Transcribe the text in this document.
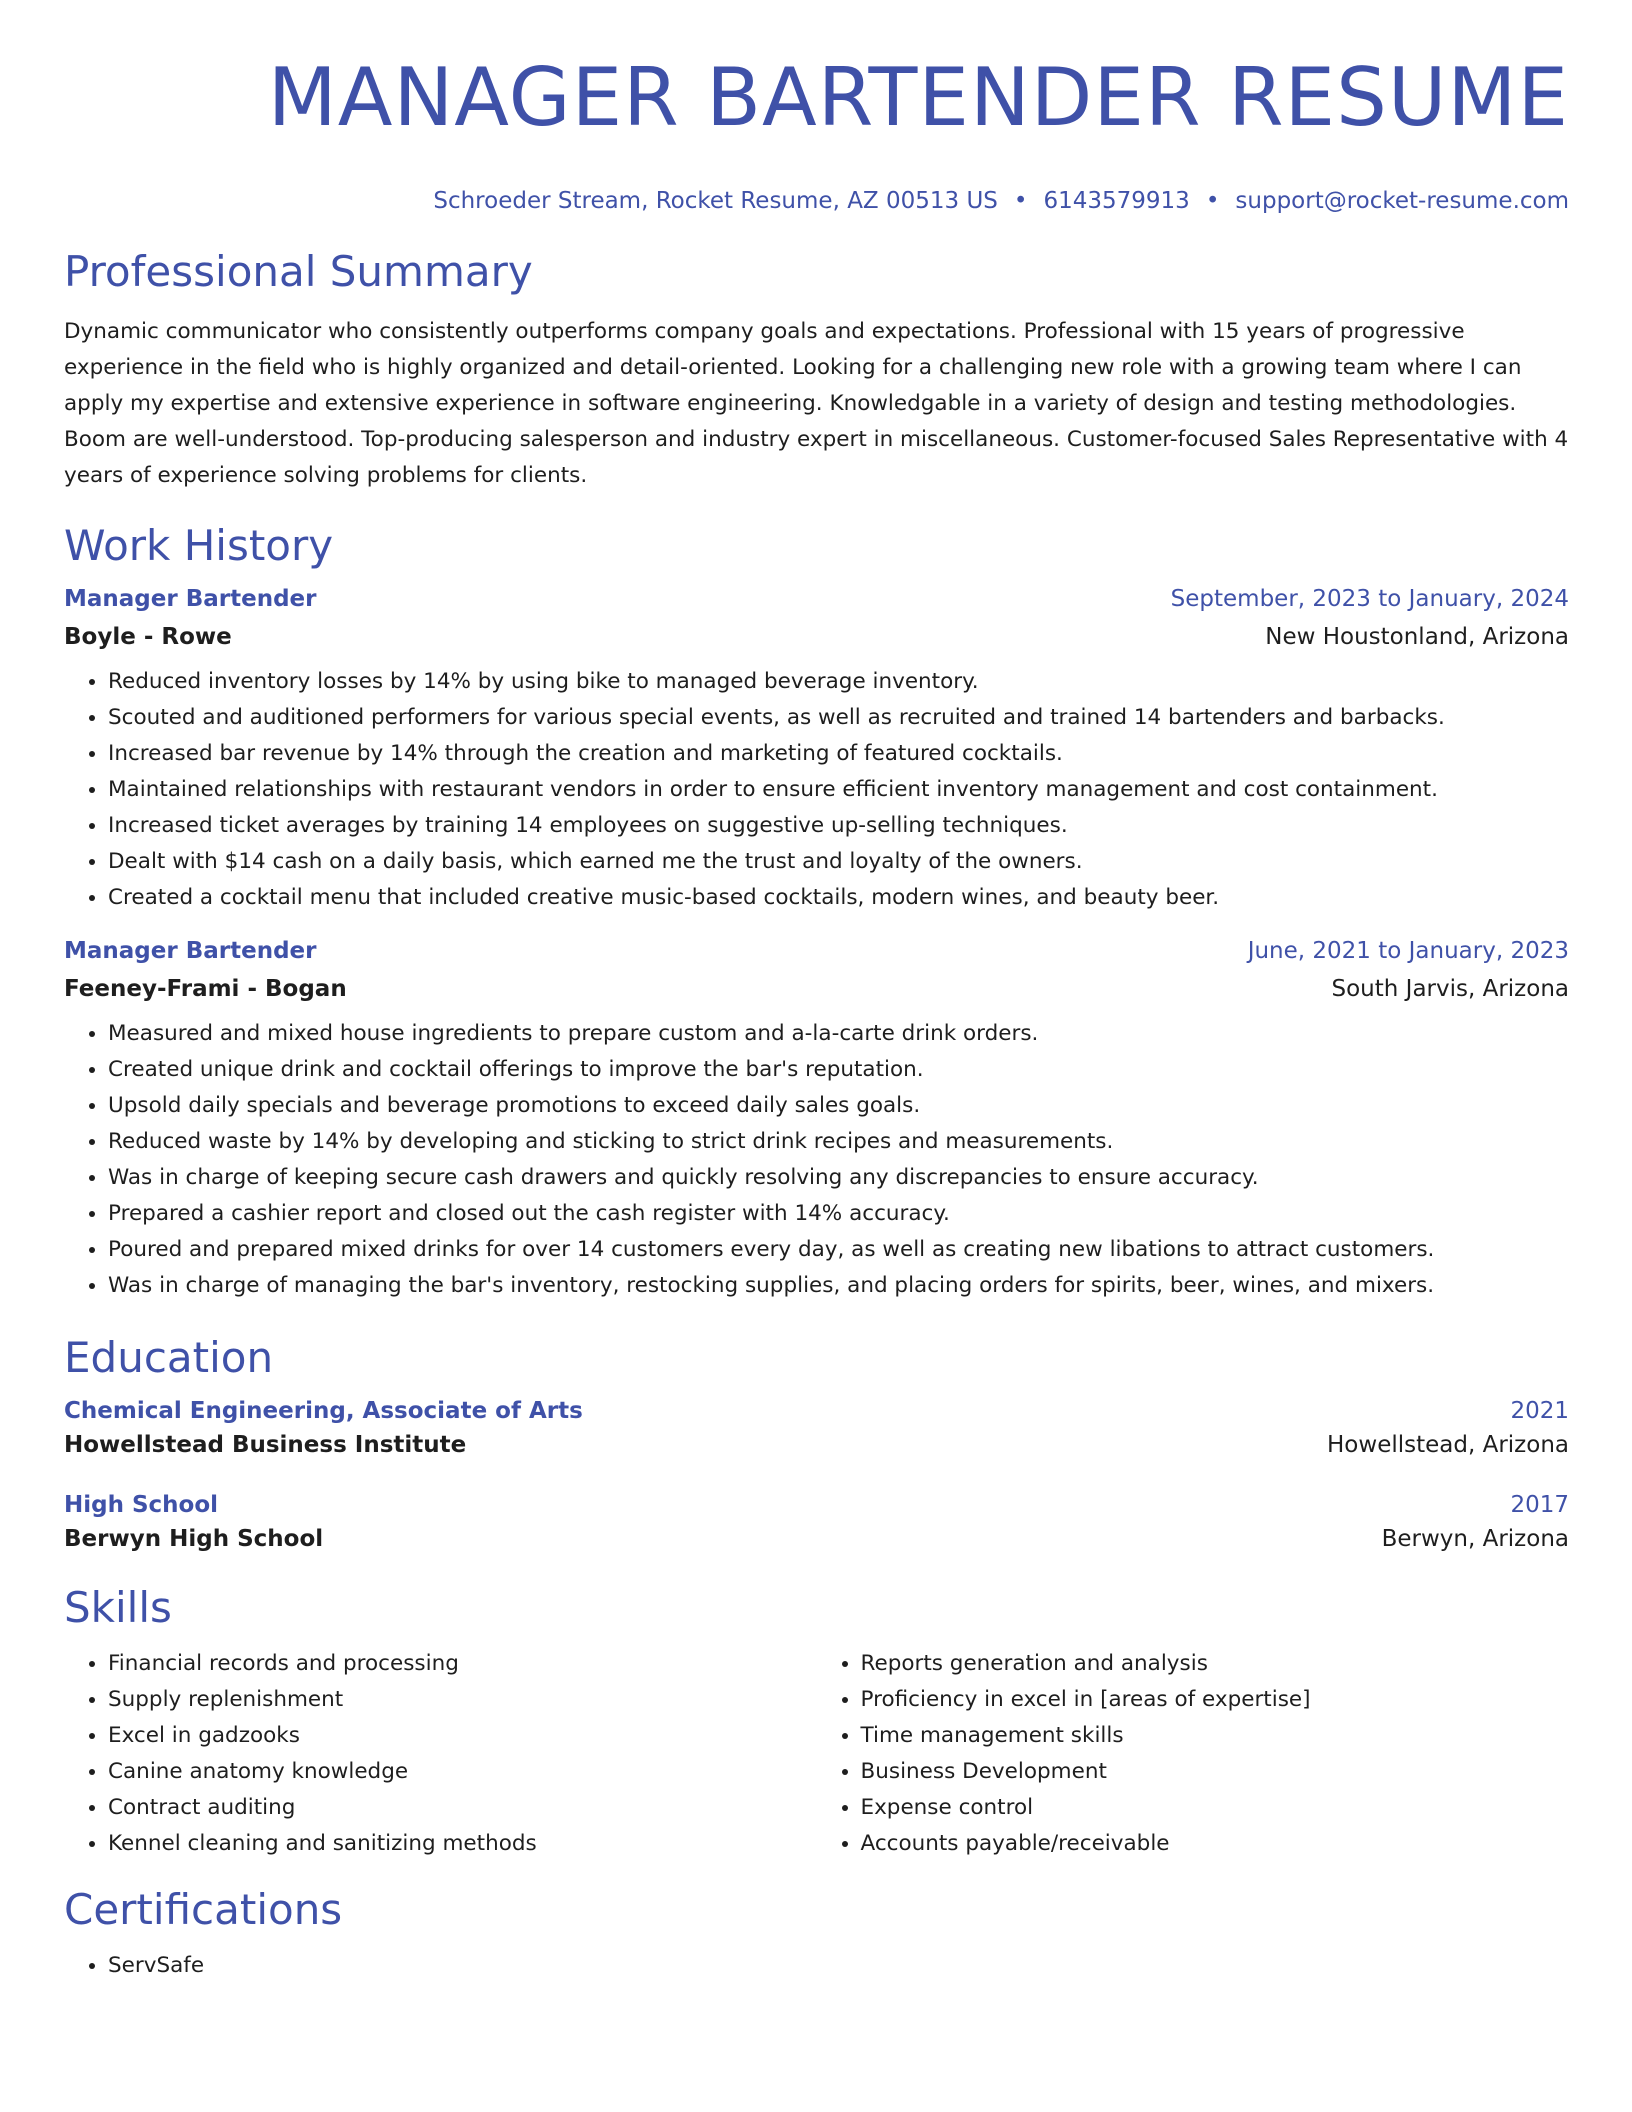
MANAGER BARTENDER RESUME
Schroeder Stream, Rocket Resume, AZ 00513 US • 6143579913 • support@rocket-resume.com
Professional Summary
Dynamic communicator who consistently outperforms company goals and expectations. Professional with 15 years of progressive experience in the field who is highly organized and detail-oriented. Looking for a challenging new role with a growing team where I can apply my expertise and extensive experience in software engineering. Knowledgable in a variety of design and testing methodologies. Boom are well-understood. Top-producing salesperson and industry expert in miscellaneous. Customer-focused Sales Representative with 4 years of experience solving problems for clients.
Work History
Manager Bartender	September, 2023 to January, 2024
Boyle - Rowe	New Houstonland, Arizona
• Reduced inventory losses by 14% by using bike to managed beverage inventory.
• Scouted and auditioned performers for various special events, as well as recruited and trained 14 bartenders and barbacks.
• Increased bar revenue by 14% through the creation and marketing of featured cocktails.
• Maintained relationships with restaurant vendors in order to ensure efficient inventory management and cost containment.
• Increased ticket averages by training 14 employees on suggestive up-selling techniques.
• Dealt with $14 cash on a daily basis, which earned me the trust and loyalty of the owners.
• Created a cocktail menu that included creative music-based cocktails, modern wines, and beauty beer.
Manager Bartender	June, 2021 to January, 2023
Feeney-Frami - Bogan	South Jarvis, Arizona
• Measured and mixed house ingredients to prepare custom and a-la-carte drink orders.
• Created unique drink and cocktail offerings to improve the bar's reputation.
• Upsold daily specials and beverage promotions to exceed daily sales goals.
• Reduced waste by 14% by developing and sticking to strict drink recipes and measurements.
• Was in charge of keeping secure cash drawers and quickly resolving any discrepancies to ensure accuracy.
• Prepared a cashier report and closed out the cash register with 14% accuracy.
• Poured and prepared mixed drinks for over 14 customers every day, as well as creating new libations to attract customers.
• Was in charge of managing the bar's inventory, restocking supplies, and placing orders for spirits, beer, wines, and mixers.
Education
Chemical Engineering, Associate of Arts	2021
Howellstead Business Institute	Howellstead, Arizona
High School	2017
Berwyn High School	Berwyn, Arizona
Skills
• Financial records and processing
• Supply replenishment
• Excel in gadzooks
• Canine anatomy knowledge
• Contract auditing
• Kennel cleaning and sanitizing methods
• Reports generation and analysis
• Proficiency in excel in [areas of expertise]
• Time management skills
• Business Development
• Expense control
• Accounts payable/receivable
Certifications
• ServSafe
